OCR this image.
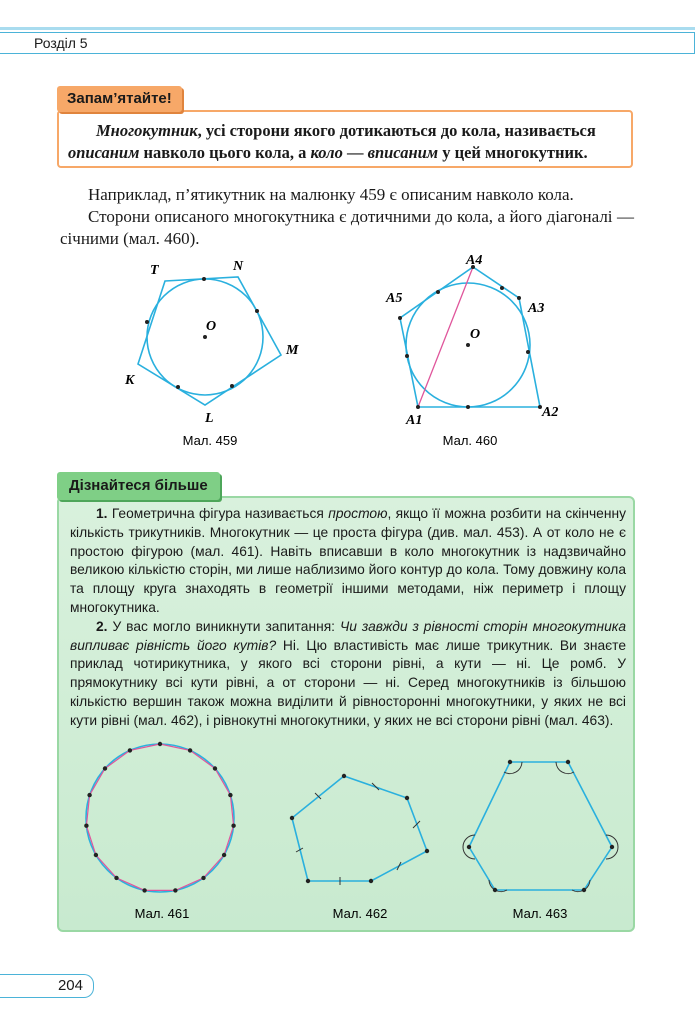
Розділ 5
Запам’ятайте!
Многокутник, усі сторони якого дотикаються до кола, називається
описаним навколо цього кола, а коло — вписаним у цей многокутник.

Наприклад, п’ятикутник на малюнку 459 є описаним навколо кола.

Сторони описаного многокутника є дотичними до кола, а його діагоналі — січними (мал. 460).

T	N
M
L
K
O
Мал. 459
A4
A3
A2
A1
A5
O
Мал. 460
Дізнайтеся більше

1. Геометрична фігура називається простою, якщо її можна розбити на скінченну кількість трикутників. Многокутник — це проста фігура (див. мал. 453). А от коло не є простою фігурою (мал. 461). Навіть вписавши в коло многокутник із надзвичайно великою кількістю сторін, ми лише наблизимо його контур до кола. Тому довжину кола та площу круга знаходять в геометрії іншими методами, ніж периметр і площу многокутника.

2. У вас могло виникнути запитання: Чи завжди з рівності сторін многокутника випливає рівність його кутів? Ні. Цю властивість має лише трикутник. Ви знаєте приклад чотирикутника, у якого всі сторони рівні, а кути — ні. Це ромб. У прямокутнику всі кути рівні, а от сторони — ні. Серед многокутників із більшою кількістю вершин також можна виділити й рівносторонні многокутники, у яких не всі кути рівні (мал. 462), і рівнокутні многокутники, у яких не всі сторони рівні (мал. 463).

Мал. 461	Мал. 462	Мал. 463
204
